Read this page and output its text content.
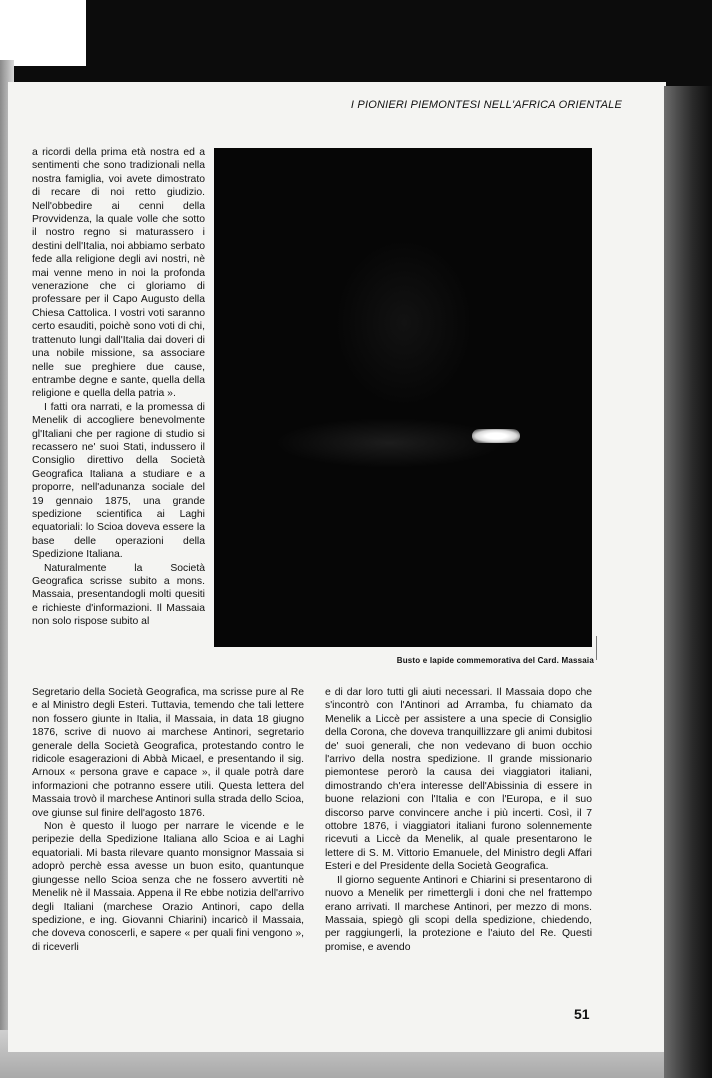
I PIONIERI PIEMONTESI NELL'AFRICA ORIENTALE

a ricordi della prima età nostra ed a sentimenti che sono tradizionali nella nostra famiglia, voi avete dimostrato di recare di noi retto giudizio. Nell'obbedire ai cenni della Provvidenza, la quale volle che sotto il nostro regno si maturassero i destini dell'Italia, noi abbiamo serbato fede alla religione degli avi nostri, nè mai venne meno in noi la profonda venerazione che ci gloriamo di professare per il Capo Augusto della Chiesa Cattolica. I vostri voti saranno certo esauditi, poichè sono voti di chi, trattenuto lungi dall'Italia dai doveri di una nobile missione, sa associare nelle sue preghiere due cause, entrambe degne e sante, quella della religione e quella della patria ».

I fatti ora narrati, e la promessa di Menelik di accogliere benevolmente gl'Italiani che per ragione di studio si recassero ne' suoi Stati, indussero il Consiglio direttivo della Società Geografica Italiana a studiare e a proporre, nell'adunanza sociale del 19 gennaio 1875, una grande spedizione scientifica ai Laghi equatoriali: lo Scioa doveva essere la base delle operazioni della Spedizione Italiana.

Naturalmente la Società Geografica scrisse subito a mons. Massaia, presentandogli molti quesiti e richieste d'informazioni. Il Massaia non solo rispose subito al

Busto e lapide commemorativa del Card. Massaia

Segretario della Società Geografica, ma scrisse pure al Re e al Ministro degli Esteri. Tuttavia, temendo che tali lettere non fossero giunte in Italia, il Massaia, in data 18 giugno 1876, scrive di nuovo ai marchese Antinori, segretario generale della Società Geografica, protestando contro le ridicole esagerazioni di Abbà Micael, e presentando il sig. Arnoux « persona grave e capace », il quale potrà dare informazioni che potranno essere utili. Questa lettera del Massaia trovò il marchese Antinori sulla strada dello Scioa, ove giunse sul finire dell'agosto 1876.

Non è questo il luogo per narrare le vicende e le peripezie della Spedizione Italiana allo Scioa e ai Laghi equatoriali. Mi basta rilevare quanto monsignor Massaia si adoprò perchè essa avesse un buon esito, quantunque giungesse nello Scioa senza che ne fossero avvertiti nè Menelik nè il Massaia. Appena il Re ebbe notizia dell'arrivo degli Italiani (marchese Orazio Antinori, capo della spedizione, e ing. Giovanni Chiarini) incaricò il Massaia, che doveva conoscerli, e sapere « per quali fini vengono », di riceverli

e di dar loro tutti gli aiuti necessari. Il Massaia dopo che s'incontrò con l'Antinori ad Arramba, fu chiamato da Menelik a Liccè per assistere a una specie di Consiglio della Corona, che doveva tranquillizzare gli animi dubitosi de' suoi generali, che non vedevano di buon occhio l'arrivo della nostra spedizione. Il grande missionario piemontese perorò la causa dei viaggiatori italiani, dimostrando ch'era interesse dell'Abissinia di essere in buone relazioni con l'Italia e con l'Europa, e il suo discorso parve convincere anche i più incerti. Così, il 7 ottobre 1876, i viaggiatori italiani furono solennemente ricevuti a Liccè da Menelik, al quale presentarono le lettere di S. M. Vittorio Emanuele, del Ministro degli Affari Esteri e del Presidente della Società Geografica.

Il giorno seguente Antinori e Chiarini si presentarono di nuovo a Menelik per rimettergli i doni che nel frattempo erano arrivati. Il marchese Antinori, per mezzo di mons. Massaia, spiegò gli scopi della spedizione, chiedendo, per raggiungerli, la protezione e l'aiuto del Re. Questi promise, e avendo

51
